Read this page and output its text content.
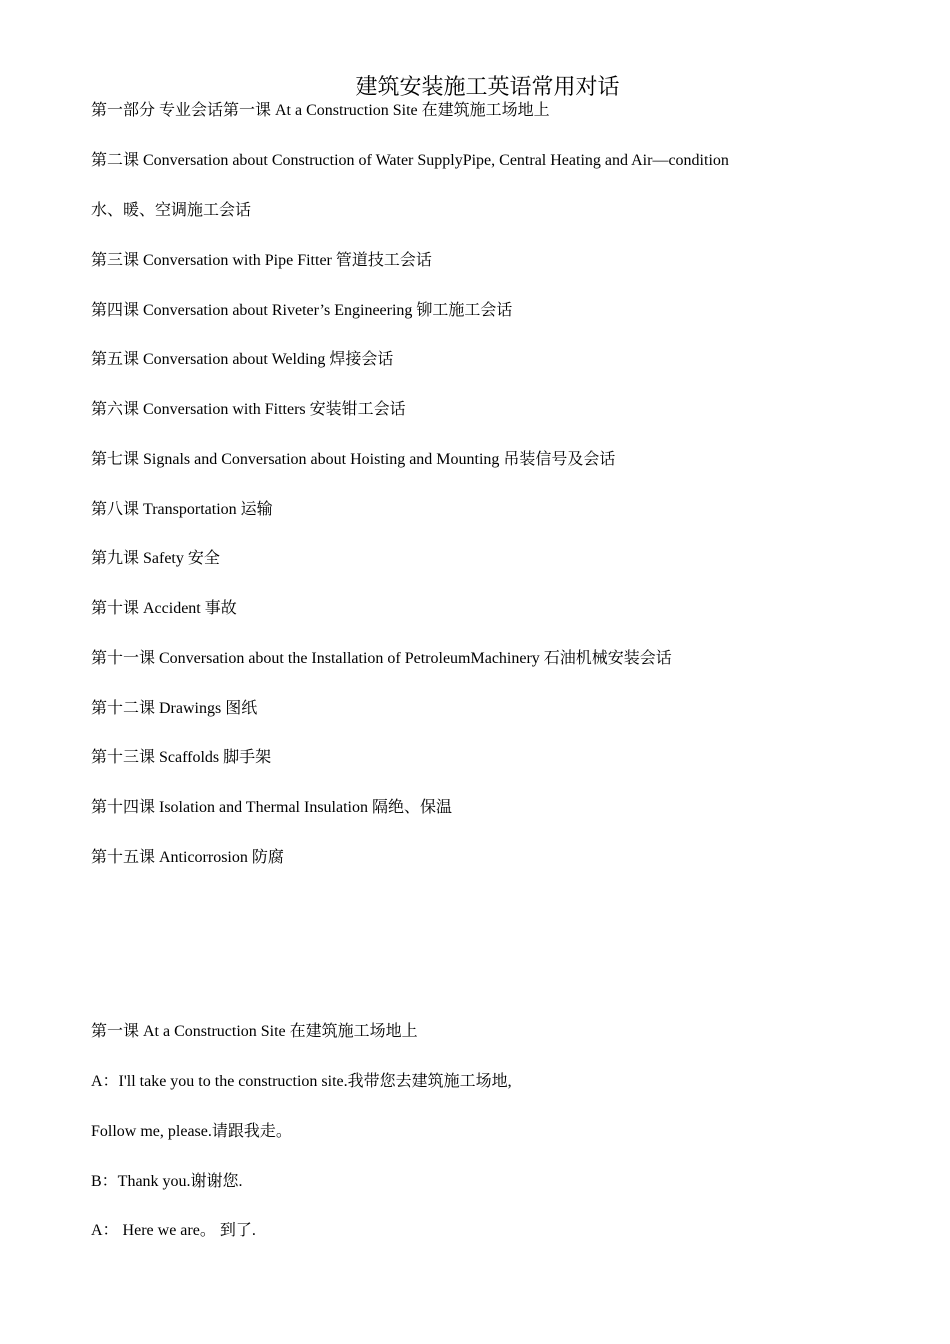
建筑安装施工英语常用对话
第一部分 专业会话第一课 At a Construction Site 在建筑施工场地上
第二课 Conversation about Construction of Water SupplyPipe, Central Heating and Air—condition
水、暖、空调施工会话
第三课 Conversation with Pipe Fitter 管道技工会话
第四课 Conversation about Riveter’s Engineering 铆工施工会话
第五课 Conversation about Welding 焊接会话
第六课 Conversation with Fitters 安装钳工会话
第七课 Signals and Conversation about Hoisting and Mounting 吊装信号及会话
第八课 Transportation 运输
第九课 Safety 安全
第十课 Accident 事故
第十一课 Conversation about the Installation of PetroleumMachinery 石油机械安装会话
第十二课 Drawings 图纸
第十三课 Scaffolds 脚手架
第十四课 Isolation and Thermal Insulation 隔绝、保温
第十五课 Anticorrosion 防腐
第一课 At a Construction Site 在建筑施工场地上
A：I'll take you to the construction site.我带您去建筑施工场地,
Follow me, please.请跟我走。
B：Thank you.谢谢您.
A： Here we are。 到了.
